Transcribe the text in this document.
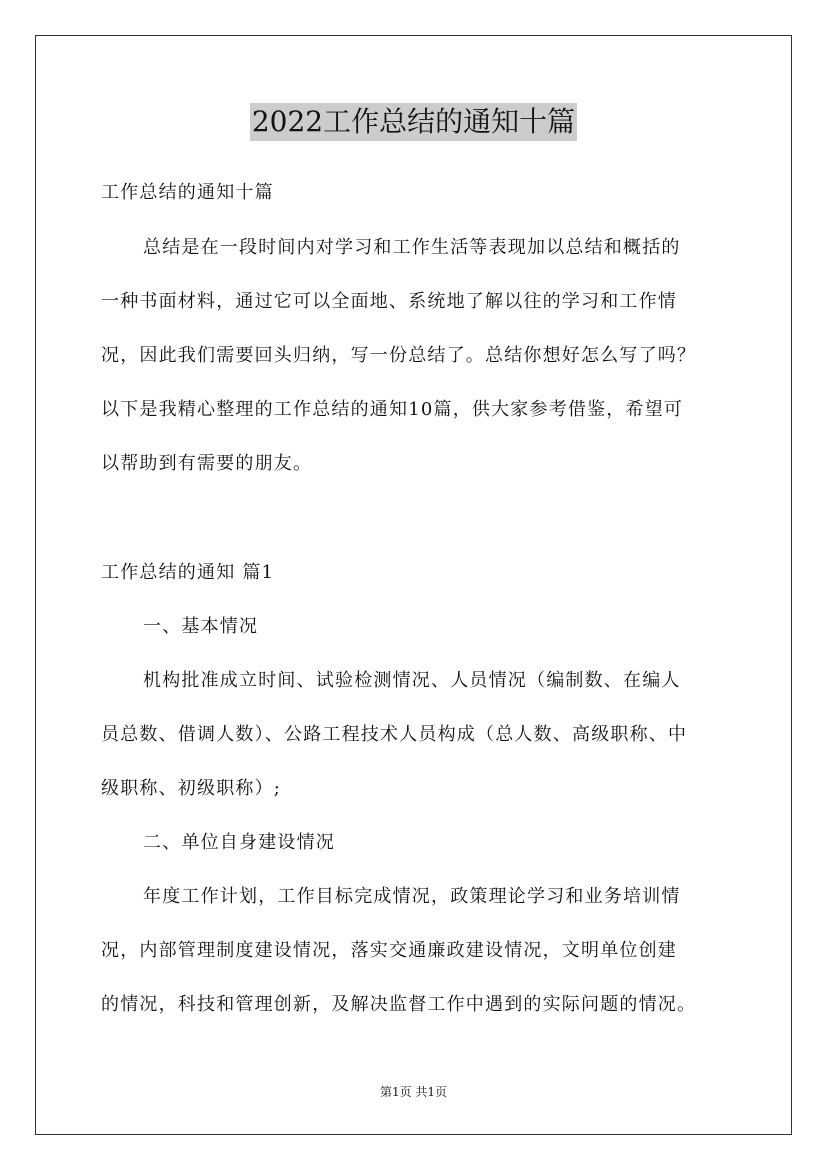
2022工作总结的通知十篇
工作总结的通知十篇
总结是在一段时间内对学习和工作生活等表现加以总结和概括的
一种书面材料，通过它可以全面地、系统地了解以往的学习和工作情
况，因此我们需要回头归纳，写一份总结了。总结你想好怎么写了吗？
以下是我精心整理的工作总结的通知10篇，供大家参考借鉴，希望可
以帮助到有需要的朋友。
工作总结的通知 篇1
一、基本情况
机构批准成立时间、试验检测情况、人员情况（编制数、在编人
员总数、借调人数）、公路工程技术人员构成（总人数、高级职称、中
级职称、初级职称）;
二、单位自身建设情况
年度工作计划，工作目标完成情况，政策理论学习和业务培训情
况，内部管理制度建设情况，落实交通廉政建设情况，文明单位创建
的情况，科技和管理创新，及解决监督工作中遇到的实际问题的情况。
第1页 共1页
